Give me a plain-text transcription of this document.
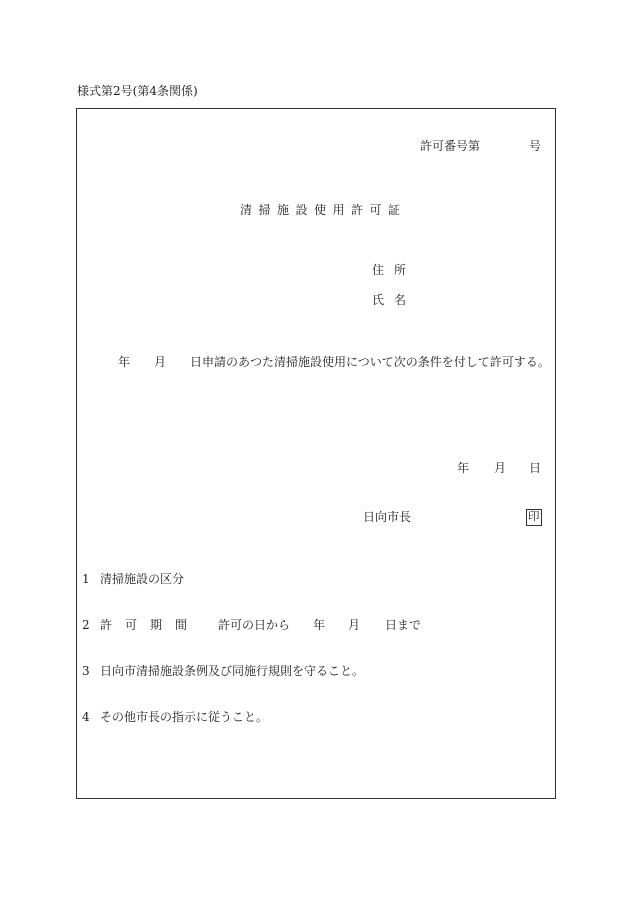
様式第2号(第4条関係)
許可番号第	号
清掃施設使用許可証
住所
氏名
年 月 日申請のあつた清掃施設使用について次の条件を付して許可する。
年 月 日
日向市長	印
1 清掃施設の区分
2 許可期間 許可の日から 年 月 日まで
3 日向市清掃施設条例及び同施行規則を守ること。
4 その他市長の指示に従うこと。
